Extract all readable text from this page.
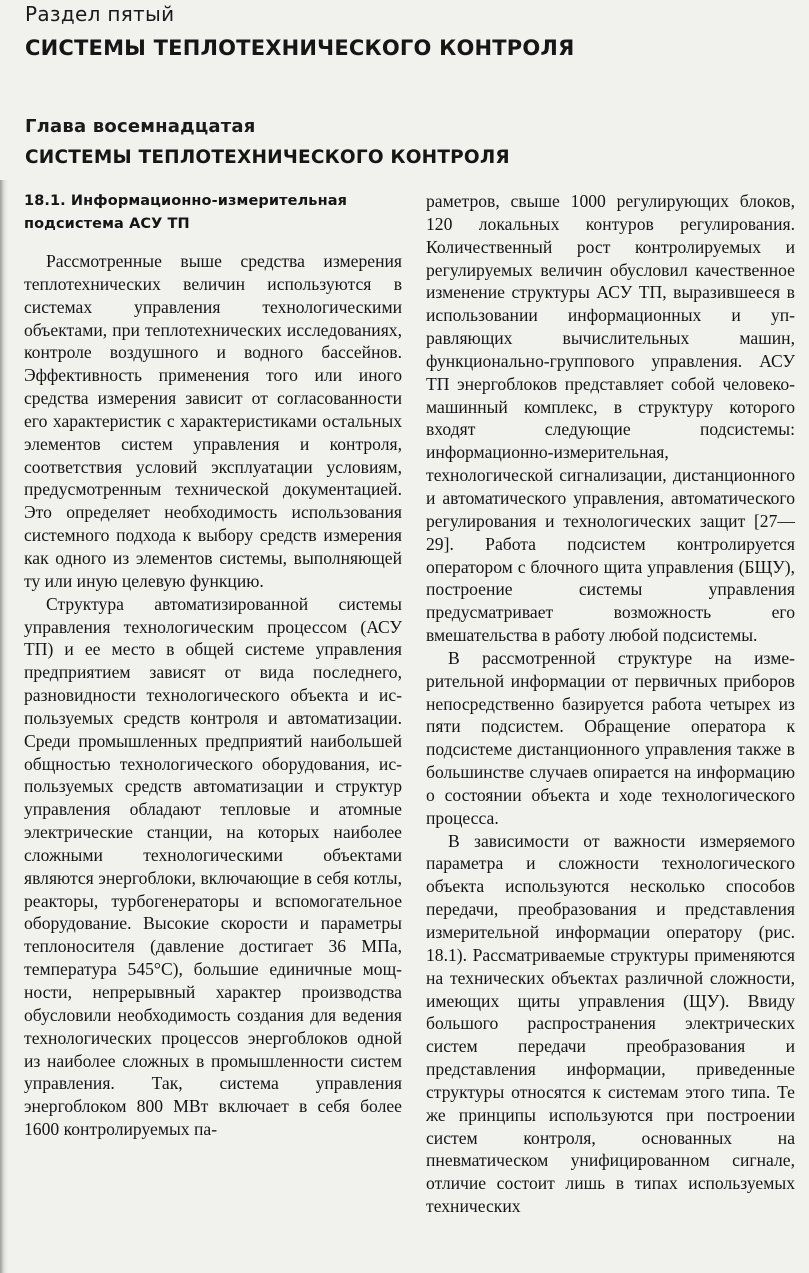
Раздел пятый
СИСТЕМЫ ТЕПЛОТЕХНИЧЕСКОГО КОНТРОЛЯ
Глава восемнадцатая
СИСТЕМЫ ТЕПЛОТЕХНИЧЕСКОГО КОНТРОЛЯ
18.1. Информационно-измерительная подсистема АСУ ТП

Рассмотренные выше средства измерения теплотехнических величин используются в системах управления технологическими объектами, при теплотехнических исследованиях, контроле воздушного и водного бассейнов. Эффективность применения того или иного средства измерения зависит от согласованности его характеристик с характеристиками остальных элементов систем управления и контроля, соответствия условий эксплуатации условиям, предусмотренным технической документацией. Это определяет необходимость использования системного подхода к выбору средств измерения как одного из элементов системы, выполняющей ту или иную целевую функцию.

Структура автоматизированной системы управления технологическим процессом (АСУ ТП) и ее место в общей системе управления предприятием зависят от вида последнего, разновидности технологического объекта и используемых средств контроля и автоматизации. Среди промышленных предприятий наибольшей общностью технологического оборудования, используемых средств автоматизации и структур управления обладают тепловые и атомные электрические станции, на которых наиболее сложными технологическими объектами являются энергоблоки, включающие в себя котлы, реакторы, турбогенераторы и вспомогательное оборудование. Высокие скорости и параметры теплоносителя (давление достигает 36 МПа, температура 545°С), большие единичные мощности, непрерывный характер производства обусловили необходимость создания для ведения технологических процессов энергоблоков одной из наиболее сложных в промышленности систем управления. Так, система управления энергоблоком 800 МВт включает в себя более 1600 контролируемых па-

раметров, свыше 1000 регулирующих блоков, 120 локальных контуров регулирования. Количественный рост контролируемых и регулируемых величин обусловил качественное изменение структуры АСУ ТП, выразившееся в использовании информационных и управляющих вычислительных машин, функционально-группового управления. АСУ ТП энергоблоков представляет собой человеко-машинный комплекс, в структуру которого входят следующие подсистемы: информационно-измерительная, технологической сигнализации, дистанционного и автоматического управления, автоматического регулирования и технологических защит [27—29]. Работа подсистем контролируется оператором с блочного щита управления (БЩУ), построение системы управления предусматривает возможность его вмешательства в работу любой подсистемы.

В рассмотренной структуре на измерительной информации от первичных приборов непосредственно базируется работа четырех из пяти подсистем. Обращение оператора к подсистеме дистанционного управления также в большинстве случаев опирается на информацию о состоянии объекта и ходе технологического процесса.

В зависимости от важности измеряемого параметра и сложности технологического объекта используются несколько способов передачи, преобразования и представления измерительной информации оператору (рис. 18.1). Рассматриваемые структуры применяются на технических объектах различной сложности, имеющих щиты управления (ЩУ). Ввиду большого распространения электрических систем передачи преобразования и представления информации, приведенные структуры относятся к системам этого типа. Те же принципы используются при построении систем контроля, основанных на пневматическом унифицированном сигнале, отличие состоит лишь в типах используемых технических
